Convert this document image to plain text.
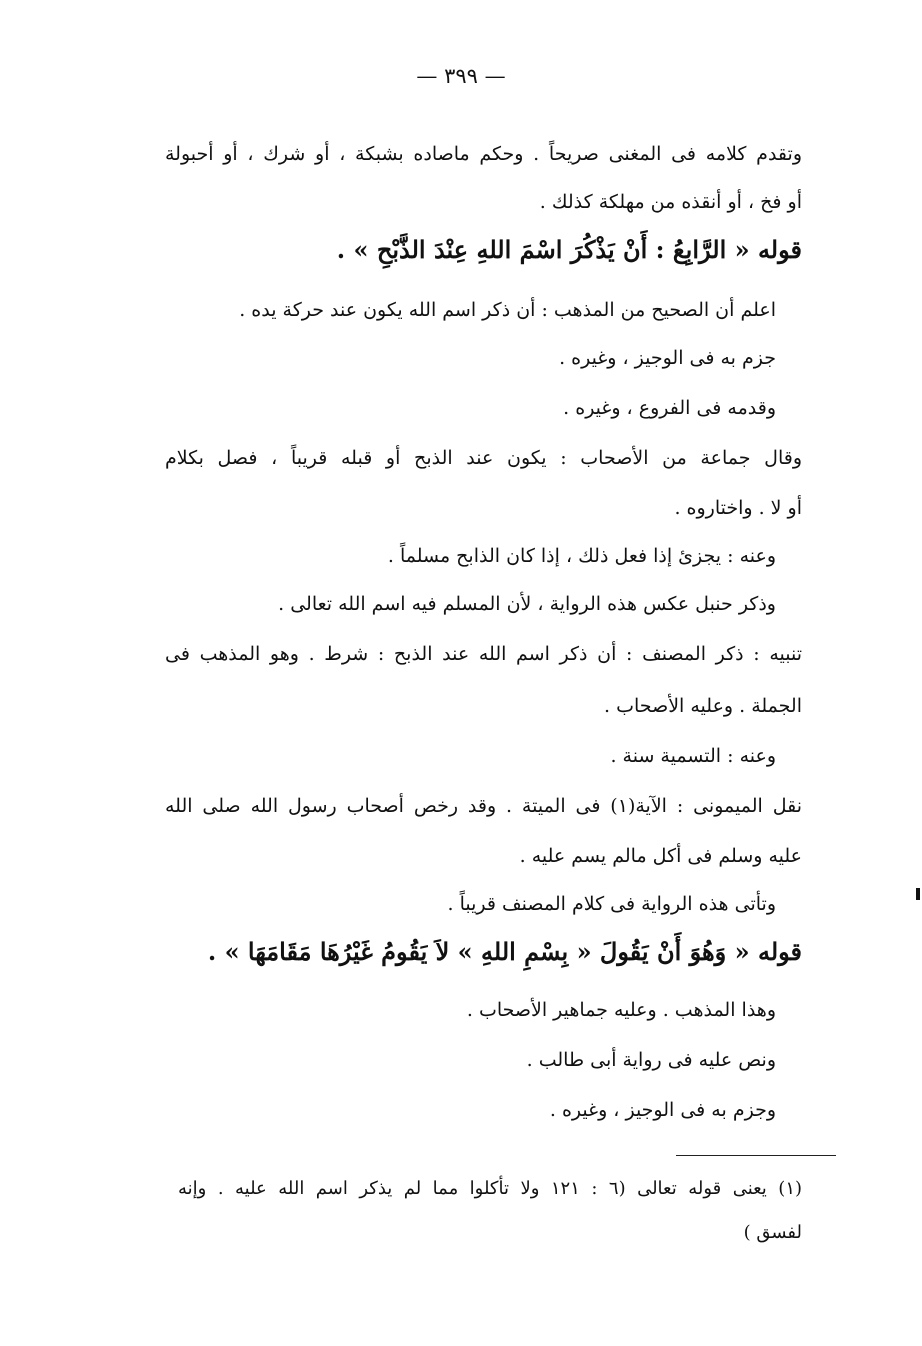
— ٣٩٩ —
وتقدم كلامه فى المغنى صريحاً . وحكم ماصاده بشبكة ، أو شرك ، أو أحبولة
أو فخ ، أو أنقذه من مهلكة كذلك .
قوله « الرَّابِعُ : أَنْ يَذْكُرَ اسْمَ اللهِ عِنْدَ الذَّبْحِ » .
اعلم أن الصحيح من المذهب : أن ذكر اسم الله يكون عند حركة يده .
جزم به فى الوجيز ، وغيره .
وقدمه فى الفروع ، وغيره .
وقال جماعة من الأصحاب : يكون عند الذبح أو قبله قريباً ، فصل بكلام
أو لا . واختاروه .
وعنه : يجزئ إذا فعل ذلك ، إذا كان الذابح مسلماً .
وذكر حنبل عكس هذه الرواية ، لأن المسلم فيه اسم الله تعالى .
تنبيه : ذكر المصنف : أن ذكر اسم الله عند الذبح : شرط . وهو المذهب فى
الجملة . وعليه الأصحاب .
وعنه : التسمية سنة .
نقل الميمونى : الآية(١) فى الميتة . وقد رخص أصحاب رسول الله صلى الله
عليه وسلم فى أكل مالم يسم عليه .
وتأتى هذه الرواية فى كلام المصنف قريباً .
قوله « وَهُوَ أَنْ يَقُولَ « بِسْمِ اللهِ » لاَ يَقُومُ غَيْرُهَا مَقَامَهَا » .
وهذا المذهب . وعليه جماهير الأصحاب .
ونص عليه فى رواية أبى طالب .
وجزم به فى الوجيز ، وغيره .
(١) يعنى قوله تعالى (٦ : ١٢١ ولا تأكلوا مما لم يذكر اسم الله عليه . وإنه
لفسق )
